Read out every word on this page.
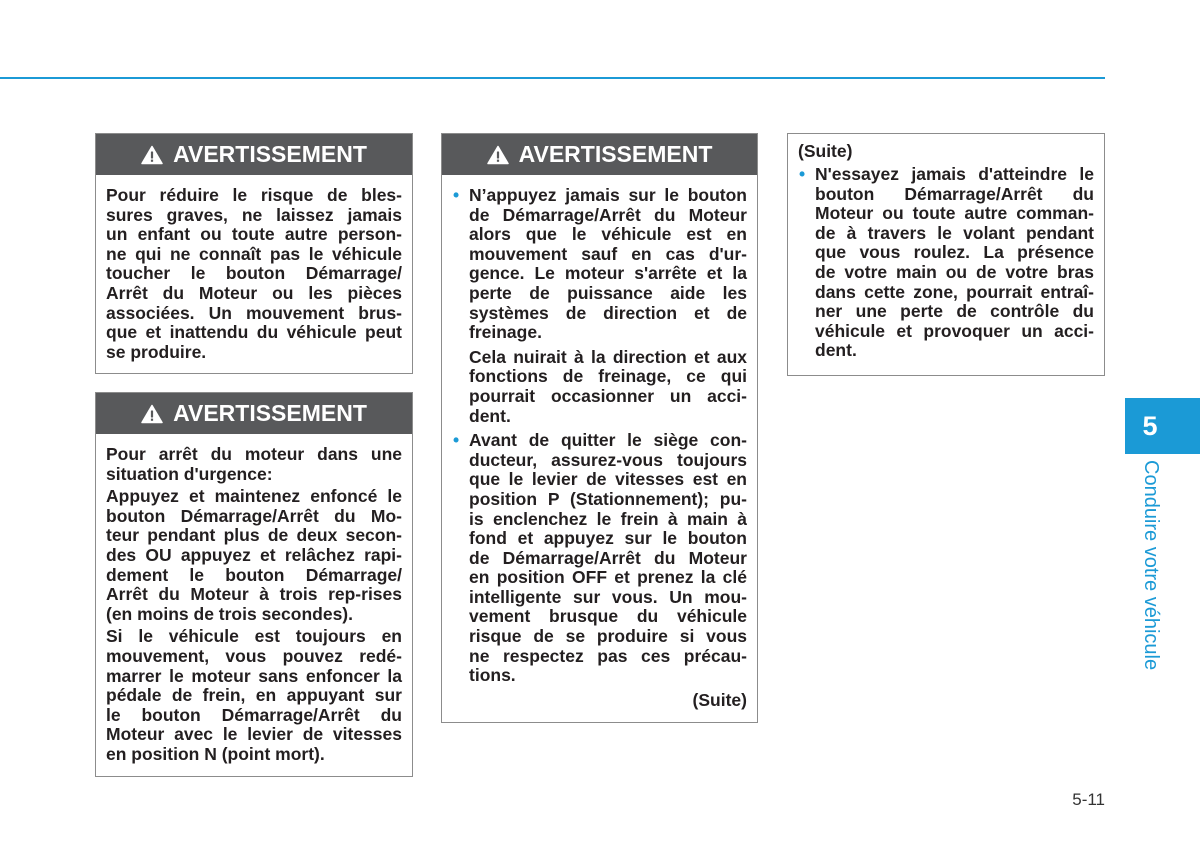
AVERTISSEMENT
Pour réduire le risque de bles-
sures graves, ne laissez jamais
un enfant ou toute autre person-
ne qui ne connaît pas le véhicule
toucher le bouton Démarrage/
Arrêt du Moteur ou les pièces
associées. Un mouvement brus-
que et inattendu du véhicule peut
se produire.
AVERTISSEMENT
Pour arrêt du moteur dans une
situation d'urgence:
Appuyez et maintenez enfoncé le
bouton Démarrage/Arrêt du Mo-
teur pendant plus de deux secon-
des OU appuyez et relâchez rapi-
dement le bouton Démarrage/
Arrêt du Moteur à trois rep-rises
(en moins de trois secondes).
Si le véhicule est toujours en
mouvement, vous pouvez redé-
marrer le moteur sans enfoncer la
pédale de frein, en appuyant sur
le bouton Démarrage/Arrêt du
Moteur avec le levier de vitesses
en position N (point mort).
AVERTISSEMENT
• N’appuyez jamais sur le bouton
de Démarrage/Arrêt du Moteur
alors que le véhicule est en
mouvement sauf en cas d'ur-
gence. Le moteur s'arrête et la
perte de puissance aide les
systèmes de direction et de
freinage.
Cela nuirait à la direction et aux
fonctions de freinage, ce qui
pourrait occasionner un acci-
dent.
• Avant de quitter le siège con-
ducteur, assurez-vous toujours
que le levier de vitesses est en
position P (Stationnement); pu-
is enclenchez le frein à main à
fond et appuyez sur le bouton
de Démarrage/Arrêt du Moteur
en position OFF et prenez la clé
intelligente sur vous. Un mou-
vement brusque du véhicule
risque de se produire si vous
ne respectez pas ces précau-
tions.
(Suite)
(Suite)
• N'essayez jamais d'atteindre le
bouton Démarrage/Arrêt du
Moteur ou toute autre comman-
de à travers le volant pendant
que vous roulez. La présence
de votre main ou de votre bras
dans cette zone, pourrait entraî-
ner une perte de contrôle du
véhicule et provoquer un acci-
dent.
5
Conduire votre véhicule
5-11
